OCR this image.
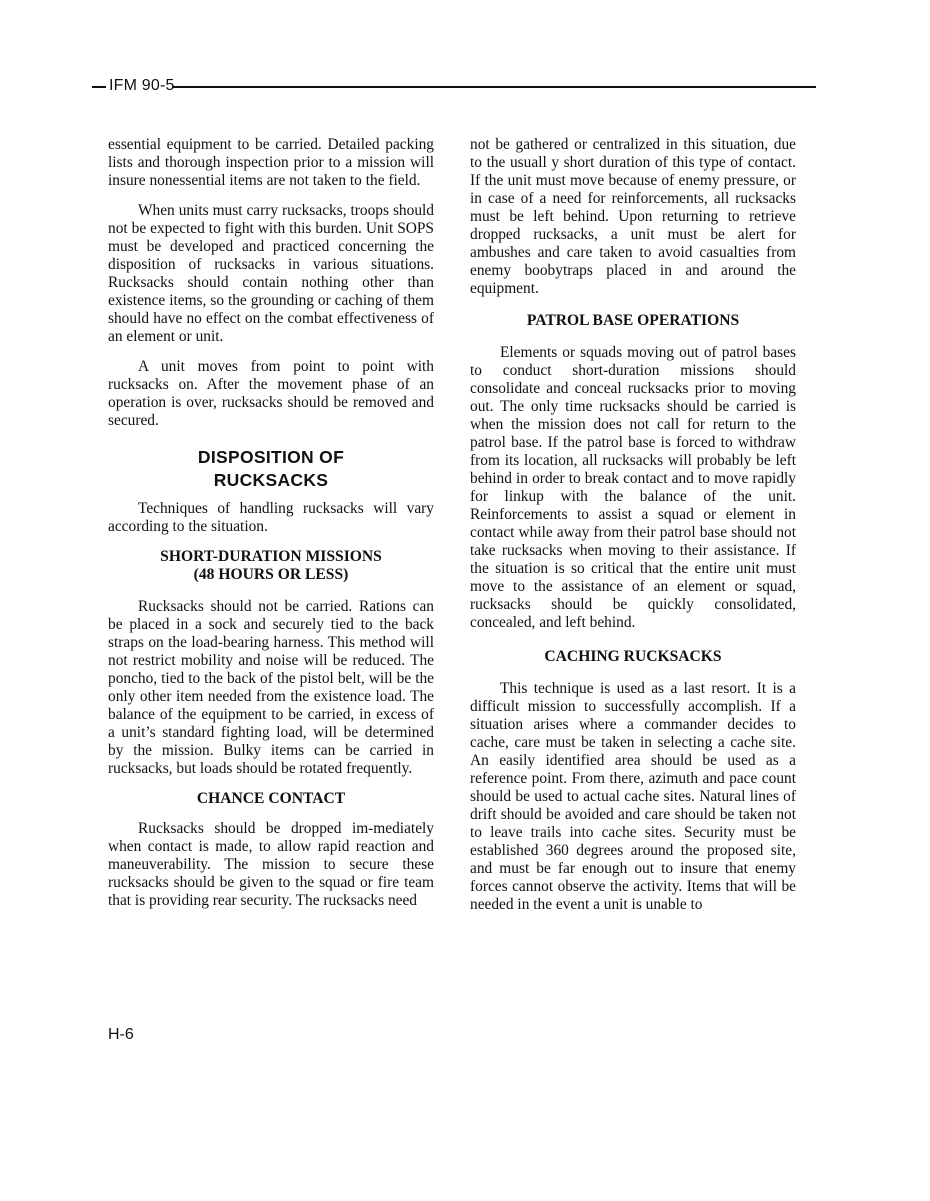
IFM 90-5

essential equipment to be carried. Detailed packing lists and thorough inspection prior to a mission will insure nonessential items are not taken to the field.

When units must carry rucksacks, troops should not be expected to fight with this burden. Unit SOPS must be developed and practiced concerning the disposition of rucksacks in various situations. Rucksacks should contain nothing other than existence items, so the grounding or caching of them should have no effect on the combat effectiveness of an element or unit.

A unit moves from point to point with rucksacks on. After the movement phase of an operation is over, rucksacks should be removed and secured.

DISPOSITION OF
RUCKSACKS

Techniques of handling rucksacks will vary according to the situation.

SHORT-DURATION MISSIONS
(48 HOURS OR LESS)

Rucksacks should not be carried. Rations can be placed in a sock and securely tied to the back straps on the load-bearing harness. This method will not restrict mobility and noise will be reduced. The poncho, tied to the back of the pistol belt, will be the only other item needed from the existence load. The balance of the equipment to be carried, in excess of a unit’s standard fighting load, will be determined by the mission. Bulky items can be carried in rucksacks, but loads should be rotated frequently.

CHANCE CONTACT

Rucksacks should be dropped im-mediately when contact is made, to allow rapid reaction and maneuverability. The mission to secure these rucksacks should be given to the squad or fire team that is providing rear security. The rucksacks need

not be gathered or centralized in this situation, due to the usuall y short duration of this type of contact. If the unit must move because of enemy pressure, or in case of a need for reinforcements, all rucksacks must be left behind. Upon returning to retrieve dropped rucksacks, a unit must be alert for ambushes and care taken to avoid casualties from enemy boobytraps placed in and around the equipment.

PATROL BASE OPERATIONS

Elements or squads moving out of patrol bases to conduct short-duration missions should consolidate and conceal rucksacks prior to moving out. The only time rucksacks should be carried is when the mission does not call for return to the patrol base. If the patrol base is forced to withdraw from its location, all rucksacks will probably be left behind in order to break contact and to move rapidly for linkup with the balance of the unit. Reinforcements to assist a squad or element in contact while away from their patrol base should not take rucksacks when moving to their assistance. If the situation is so critical that the entire unit must move to the assistance of an element or squad, rucksacks should be quickly consolidated, concealed, and left behind.

CACHING RUCKSACKS

This technique is used as a last resort. It is a difficult mission to successfully accomplish. If a situation arises where a commander decides to cache, care must be taken in selecting a cache site. An easily identified area should be used as a reference point. From there, azimuth and pace count should be used to actual cache sites. Natural lines of drift should be avoided and care should be taken not to leave trails into cache sites. Security must be established 360 degrees around the proposed site, and must be far enough out to insure that enemy forces cannot observe the activity. Items that will be needed in the event a unit is unable to

H-6
